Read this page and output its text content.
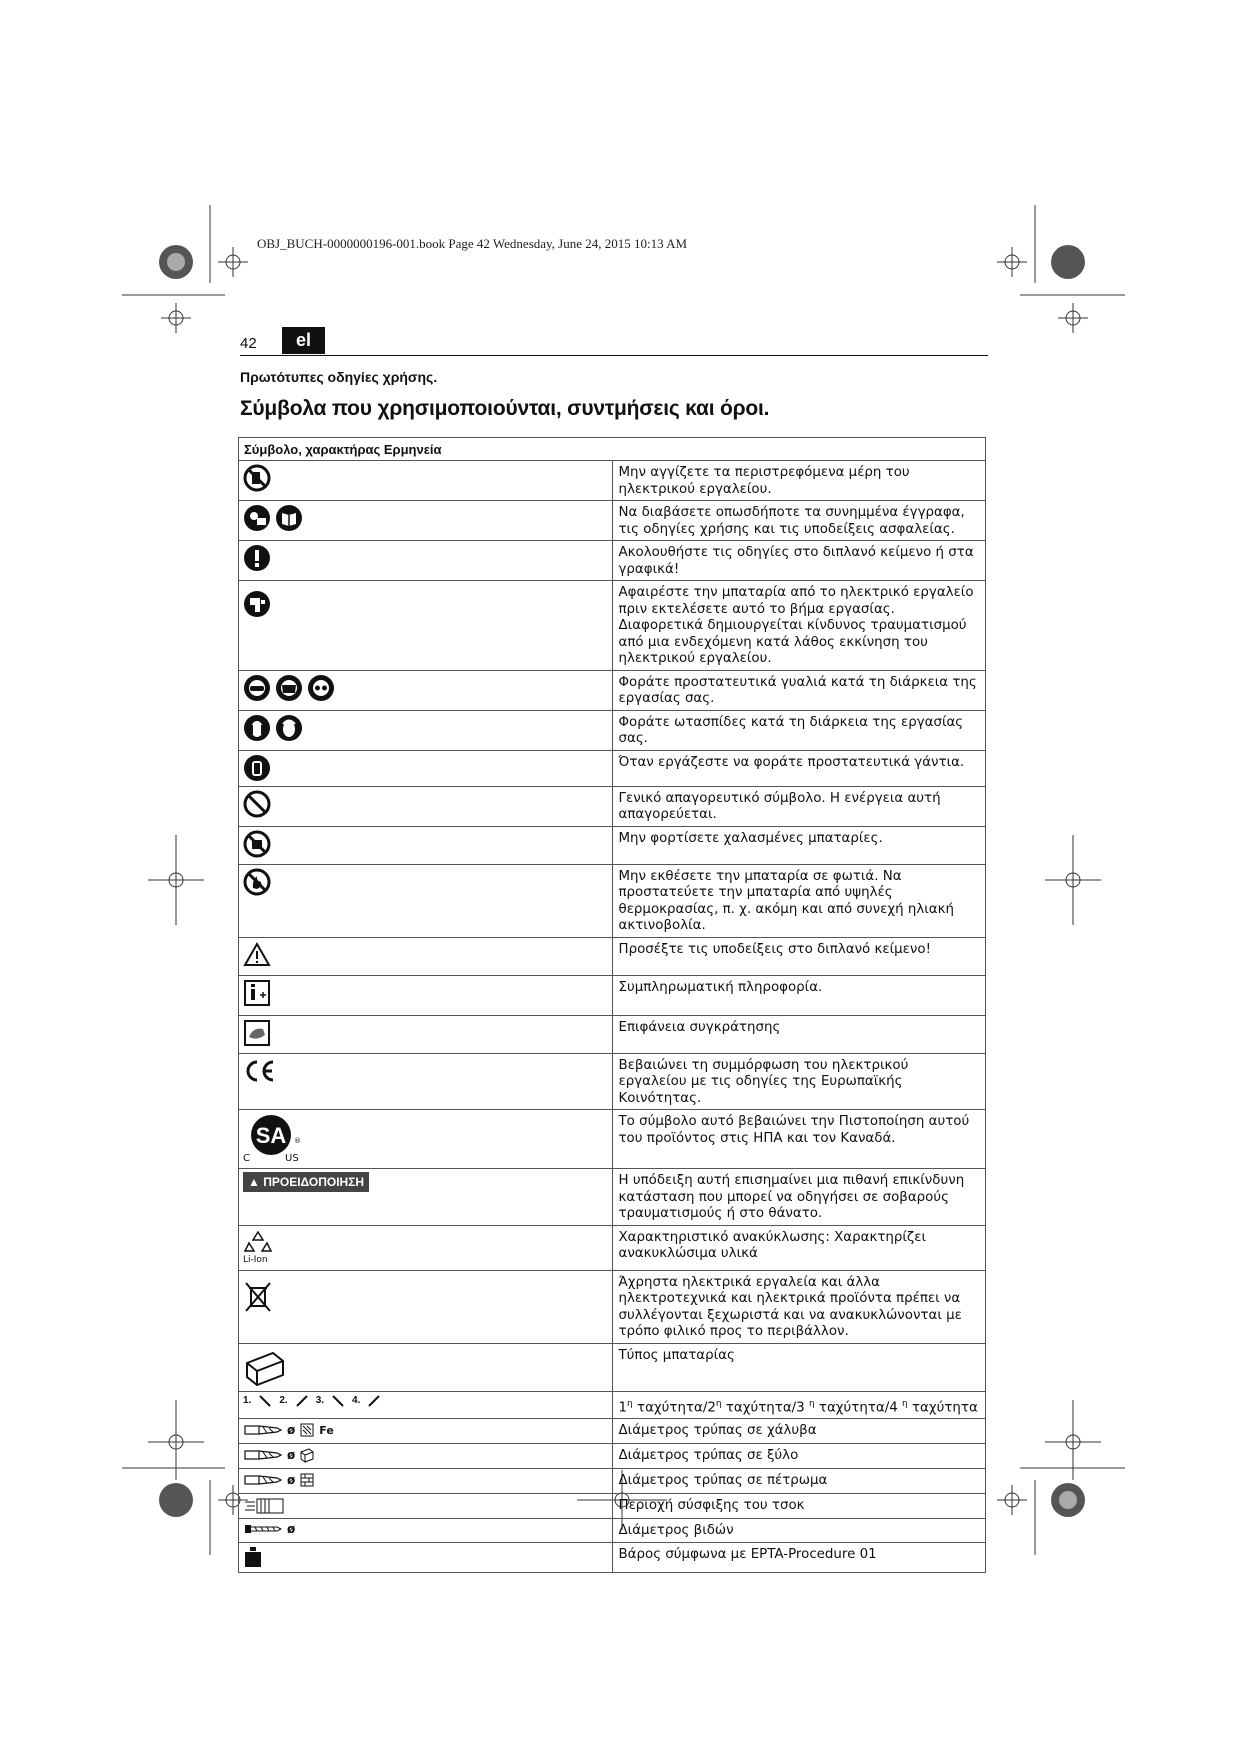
OBJ_BUCH-0000000196-001.book Page 42 Wednesday, June 24, 2015 10:13 AM
42	el
Πρωτότυπες οδηγίες χρήσης.
Σύμβολα που χρησιμοποιούνται, συντμήσεις και όροι.
Σύμβολο, χαρακτήρας Ερμηνεία	

	Μην αγγίζετε τα περιστρεφόμενα μέρη του ηλεκτρικού εργαλείου.

	Να διαβάσετε οπωσδήποτε τα συνημμένα έγγραφα, τις οδηγίες χρήσης και τις υποδείξεις ασφαλείας.

	Ακολουθήστε τις οδηγίες στο διπλανό κείμενο ή στα γραφικά!

	Αφαιρέστε την μπαταρία από το ηλεκτρικό εργαλείο πριν εκτελέσετε αυτό το βήμα εργασίας. Διαφορετικά δημιουργείται κίνδυνος τραυματισμού από μια ενδεχόμενη κατά λάθος εκκίνηση του ηλεκτρικού εργαλείου.

	Φοράτε προστατευτικά γυαλιά κατά τη διάρκεια της εργασίας σας.

	Φοράτε ωτασπίδες κατά τη διάρκεια της εργασίας σας.

	Όταν εργάζεστε να φοράτε προστατευτικά γάντια.

	Γενικό απαγορευτικό σύμβολο. Η ενέργεια αυτή απαγορεύεται.

	Μην φορτίσετε χαλασμένες μπαταρίες.

	Μην εκθέσετε την μπαταρία σε φωτιά. Να προστατεύετε την μπαταρία από υψηλές θερμοκρασίας, π. χ. ακόμη και από συνεχή ηλιακή ακτινοβολία.

	Προσέξτε τις υποδείξεις στο διπλανό κείμενο!

	Συμπληρωματική πληροφορία.

	Επιφάνεια συγκράτησης

	Βεβαιώνει τη συμμόρφωση του ηλεκτρικού εργαλείου με τις οδηγίες της Ευρωπαϊκής Κοινότητας.

SA ®
C US	Το σύμβολο αυτό βεβαιώνει την Πιστοποίηση αυτού του προϊόντος στις ΗΠΑ και τον Καναδά.

▲ ΠΡΟΕΙΔΟΠΟΙΗΣΗ	Η υπόδειξη αυτή επισημαίνει μια πιθανή επικίνδυνη κατάσταση που μπορεί να οδηγήσει σε σοβαρούς τραυματισμούς ή στο θάνατο.

Li-Ion	Χαρακτηριστικό ανακύκλωσης: Χαρακτηρίζει ανακυκλώσιμα υλικά

	Άχρηστα ηλεκτρικά εργαλεία και άλλα ηλεκτροτεχνικά και ηλεκτρικά προϊόντα πρέπει να συλλέγονται ξεχωριστά και να ανακυκλώνονται με τρόπο φιλικό προς το περιβάλλον.

	Τύπος μπαταρίας

1. 2. 3. 4.	$1^\eta$ ταχύτητα/$2^\eta$ ταχύτητα/3 $^\eta$ ταχύτητα/4 $^\eta$ ταχύτητα

ø Fe	Διάμετρος τρύπας σε χάλυβα

ø	Διάμετρος τρύπας σε ξύλο

ø	Διάμετρος τρύπας σε πέτρωμα

	Περιοχή σύσφιξης του τσοκ

ø	Διάμετρος βιδών

	Βάρος σύμφωνα με EPTA-Procedure 01
